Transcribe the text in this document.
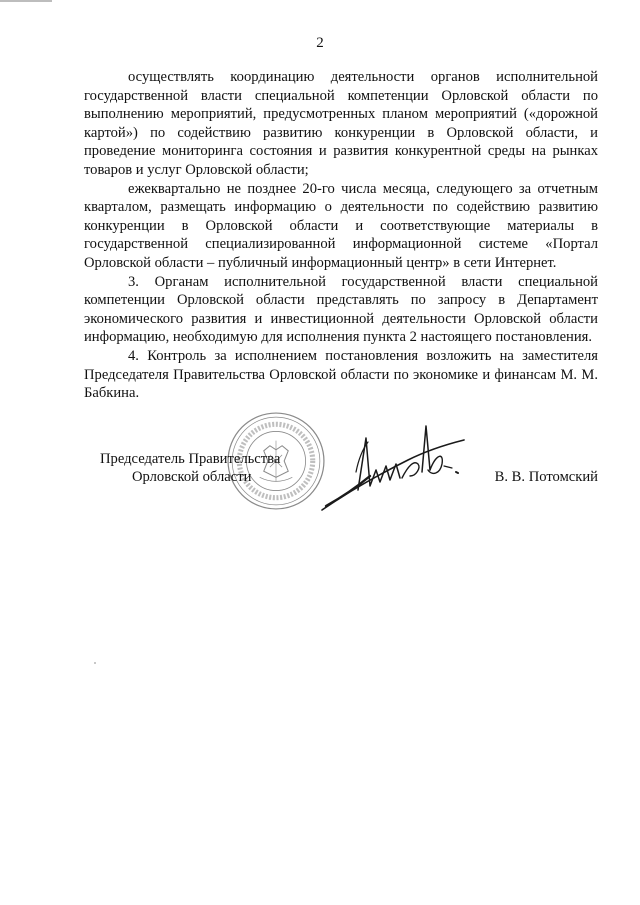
2

осуществлять координацию деятельности органов исполнительной государственной власти специальной компетенции Орловской области по выполнению мероприятий, предусмотренных планом мероприятий («дорожной картой») по содействию развитию конкуренции в Орловской области, и проведение мониторинга состояния и развития конкурентной среды на рынках товаров и услуг Орловской области;

ежеквартально не позднее 20-го числа месяца, следующего за отчетным кварталом, размещать информацию о деятельности по содействию развитию конкуренции в Орловской области и соответствующие материалы в государственной специализированной информационной системе «Портал Орловской области – публичный информационный центр» в сети Интернет.

3. Органам исполнительной государственной власти специальной компетенции Орловской области представлять по запросу в Департамент экономического развития и инвестиционной деятельности Орловской области информацию, необходимую для исполнения пункта 2 настоящего постановления.

4. Контроль за исполнением постановления возложить на заместителя Председателя Правительства Орловской области по экономике и финансам М. М. Бабкина.

Председатель Правительства
Орловской области	В. В. Потомский
